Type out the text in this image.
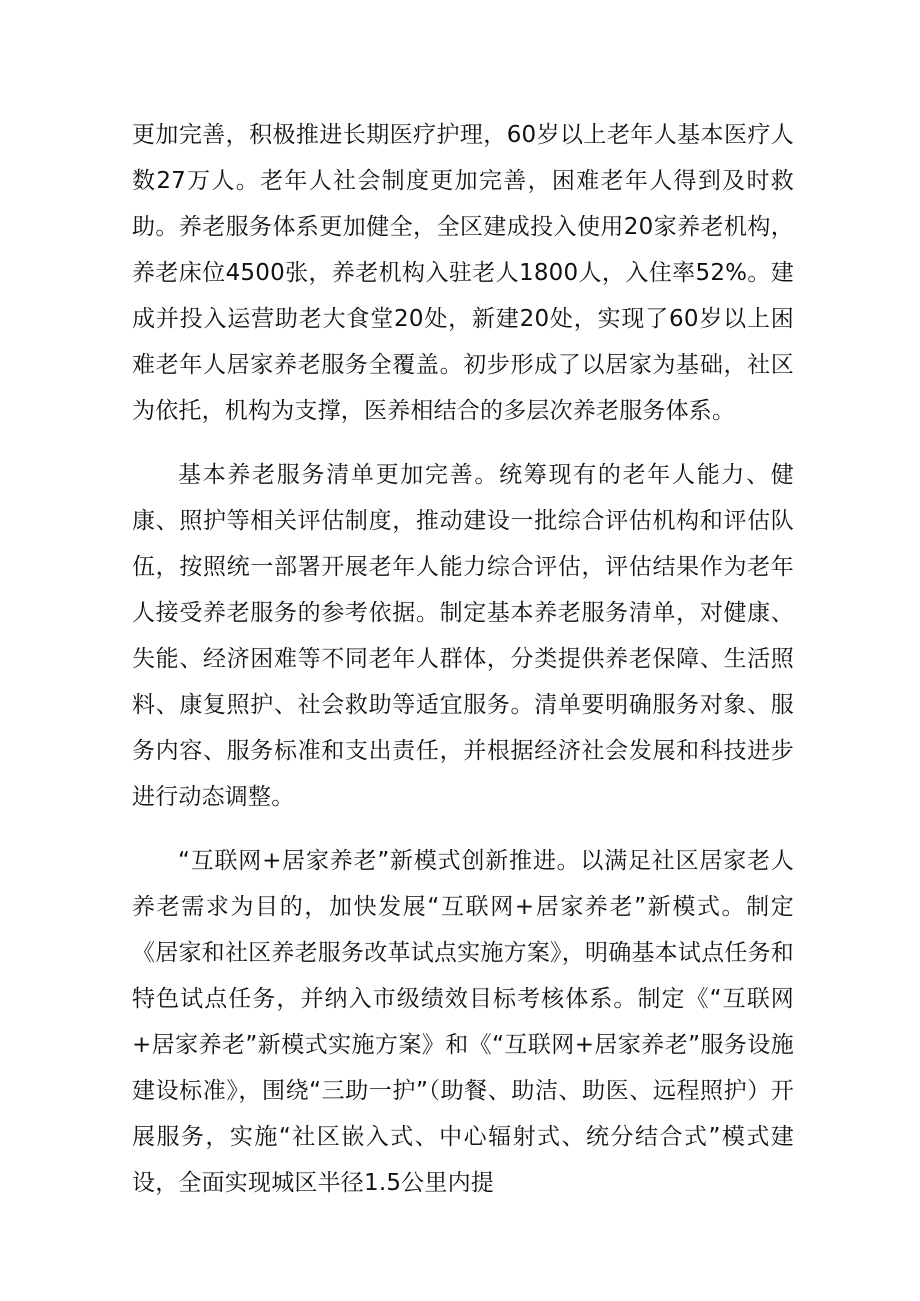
更加完善，积极推进长期医疗护理，60岁以上老年人基本医疗人数27万人。老年人社会制度更加完善，困难老年人得到及时救助。养老服务体系更加健全，全区建成投入使用20家养老机构，养老床位4500张，养老机构入驻老人1800人，入住率52%。建成并投入运营助老大食堂20处，新建20处，实现了60岁以上困难老年人居家养老服务全覆盖。初步形成了以居家为基础，社区为依托，机构为支撑，医养相结合的多层次养老服务体系。

基本养老服务清单更加完善。统筹现有的老年人能力、健康、照护等相关评估制度，推动建设一批综合评估机构和评估队伍，按照统一部署开展老年人能力综合评估，评估结果作为老年人接受养老服务的参考依据。制定基本养老服务清单，对健康、失能、经济困难等不同老年人群体，分类提供养老保障、生活照料、康复照护、社会救助等适宜服务。清单要明确服务对象、服务内容、服务标准和支出责任，并根据经济社会发展和科技进步进行动态调整。

“互联网+居家养老”新模式创新推进。以满足社区居家老人养老需求为目的，加快发展“互联网+居家养老”新模式。制定《居家和社区养老服务改革试点实施方案》，明确基本试点任务和特色试点任务，并纳入市级绩效目标考核体系。制定《“互联网+居家养老”新模式实施方案》和《“互联网+居家养老”服务设施建设标准》，围绕“三助一护”（助餐、助洁、助医、远程照护）开展服务，实施“社区嵌入式、中心辐射式、统分结合式”模式建设，全面实现城区半径1.5公里内提
